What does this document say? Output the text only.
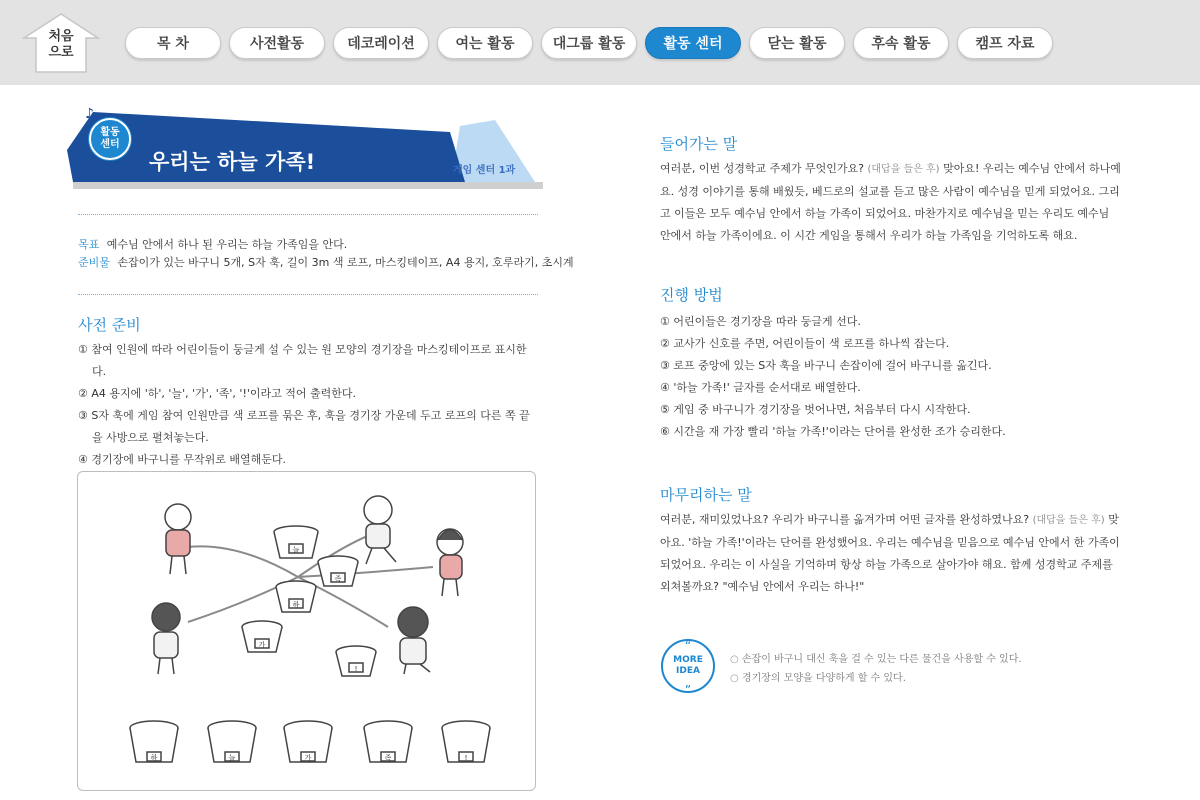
처음
으로
목 차	사전활동	데코레이션	여는 활동	대그룹 활동	활동 센터	닫는 활동	후속 활동	캠프 자료
♪
활동
센터
우리는 하늘 가족!	게임 센터 1과
목표 예수님 안에서 하나 된 우리는 하늘 가족임을 안다.
준비물 손잡이가 있는 바구니 5개, S자 훅, 길이 3m 색 로프, 마스킹테이프, A4 용지, 호루라기, 초시계
사전 준비
① 참여 인원에 따라 어린이들이 둥글게 설 수 있는 원 모양의 경기장을 마스킹테이프로 표시한다.
② A4 용지에 '하', '늘', '가', '족', '!'이라고 적어 출력한다.
③ S자 훅에 게임 참여 인원만큼 색 로프를 묶은 후, 훅을 경기장 가운데 두고 로프의 다른 쪽 끝을 사방으로 펼쳐놓는다.
④ 경기장에 바구니를 무작위로 배열해둔다.
늘
족
하
가
!
하	늘	가	족	!
들어가는 말

여러분, 이번 성경학교 주제가 무엇인가요? (대답을 들은 후) 맞아요! 우리는 예수님 안에서 하나예요. 성경 이야기를 통해 배웠듯, 베드로의 설교를 듣고 많은 사람이 예수님을 믿게 되었어요. 그리고 이들은 모두 예수님 안에서 하늘 가족이 되었어요. 마찬가지로 예수님을 믿는 우리도 예수님 안에서 하늘 가족이에요. 이 시간 게임을 통해서 우리가 하늘 가족임을 기억하도록 해요.

진행 방법
① 어린이들은 경기장을 따라 둥글게 선다.
② 교사가 신호를 주면, 어린이들이 색 로프를 하나씩 잡는다.
③ 로프 중앙에 있는 S자 훅을 바구니 손잡이에 걸어 바구니를 옮긴다.
④ '하늘 가족!' 글자를 순서대로 배열한다.
⑤ 게임 중 바구니가 경기장을 벗어나면, 처음부터 다시 시작한다.
⑥ 시간을 재 가장 빨리 '하늘 가족!'이라는 단어를 완성한 조가 승리한다.
마무리하는 말

여러분, 재미있었나요? 우리가 바구니를 옮겨가며 어떤 글자를 완성하였나요? (대답을 들은 후) 맞아요. '하늘 가족!'이라는 단어를 완성했어요. 우리는 예수님을 믿음으로 예수님 안에서 한 가족이 되었어요. 우리는 이 사실을 기억하며 항상 하늘 가족으로 살아가야 해요. 함께 성경학교 주제를 외쳐볼까요? "예수님 안에서 우리는 하나!"

“
”
MORE
IDEA
○ 손잡이 바구니 대신 훅을 걸 수 있는 다른 물건을 사용할 수 있다.
○ 경기장의 모양을 다양하게 할 수 있다.
